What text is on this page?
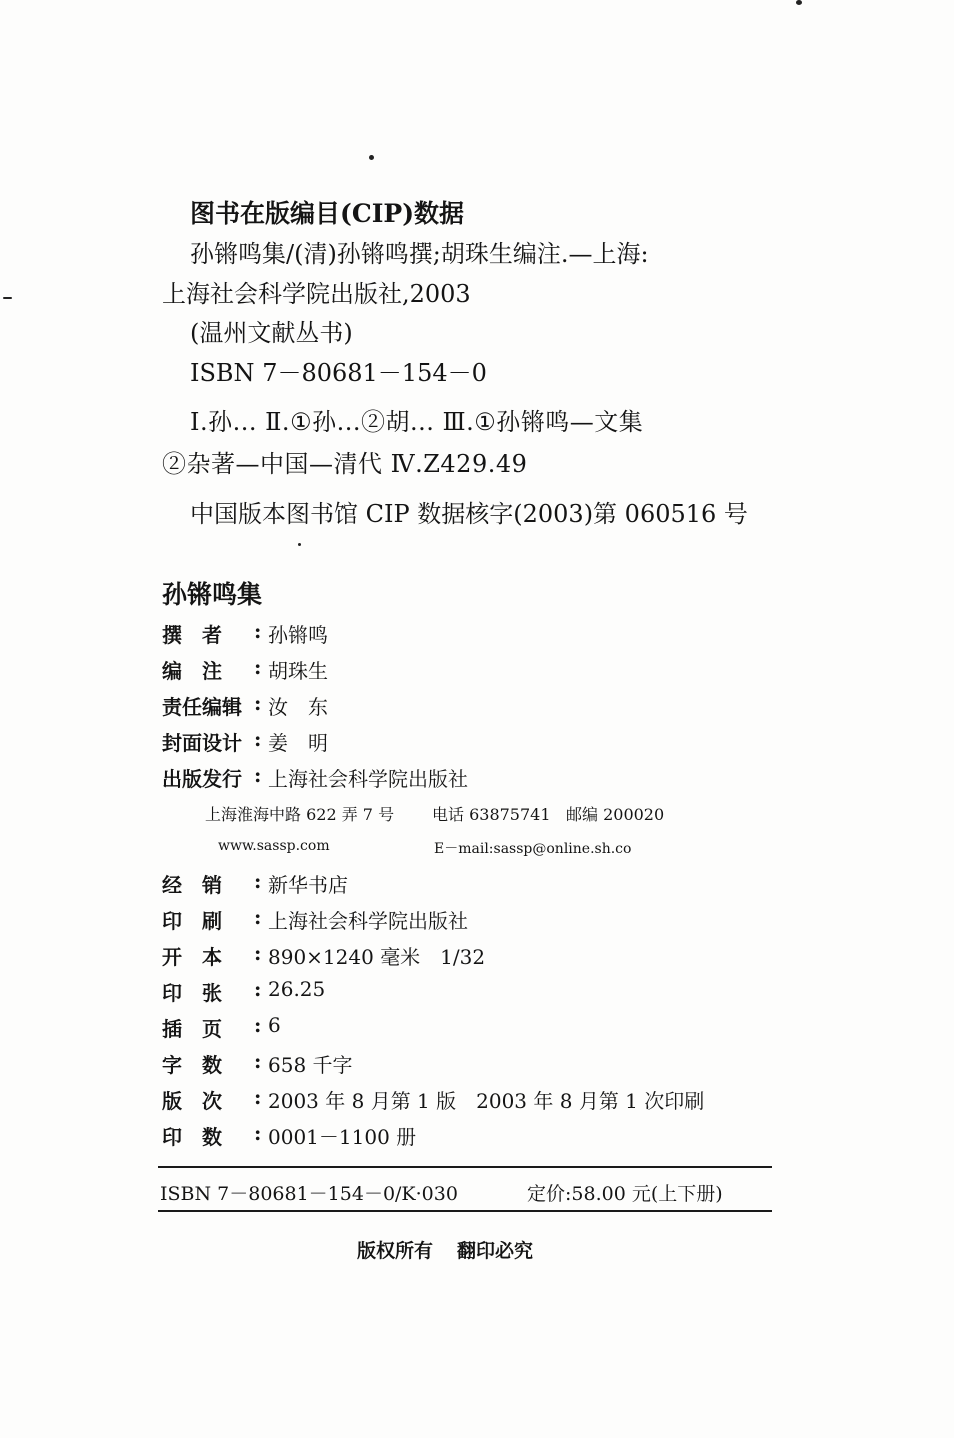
图书在版编目(CIP)数据
孙锵鸣集/(清)孙锵鸣撰;胡珠生编注.—上海:
上海社会科学院出版社,2003
(温州文献丛书)
ISBN 7－80681－154－0
Ⅰ.孙... Ⅱ.①孙...②胡... Ⅲ.①孙锵鸣—文集
②杂著—中国—清代 Ⅳ.Z429.49
中国版本图书馆 CIP 数据核字(2003)第 060516 号
孙锵鸣集
撰　者	: 孙锵鸣
编　注	: 胡珠生
责任编辑 : 汝　东
封面设计 : 姜　明
出版发行 : 上海社会科学院出版社
上海淮海中路 622 弄 7 号 电话 63875741 邮编 200020
www.sassp.com	E－mail:sassp@online.sh.co
经　销	: 新华书店
印　刷	: 上海社会科学院出版社
开　本	: 890×1240 毫米　1/32
印　张	: 26.25
插　页	: 6
字　数	: 658 千字
版　次	: 2003 年 8 月第 1 版　2003 年 8 月第 1 次印刷
印　数	: 0001－1100 册
ISBN 7－80681－154－0/K·030	定价:58.00 元(上下册)
版权所有 翻印必究
